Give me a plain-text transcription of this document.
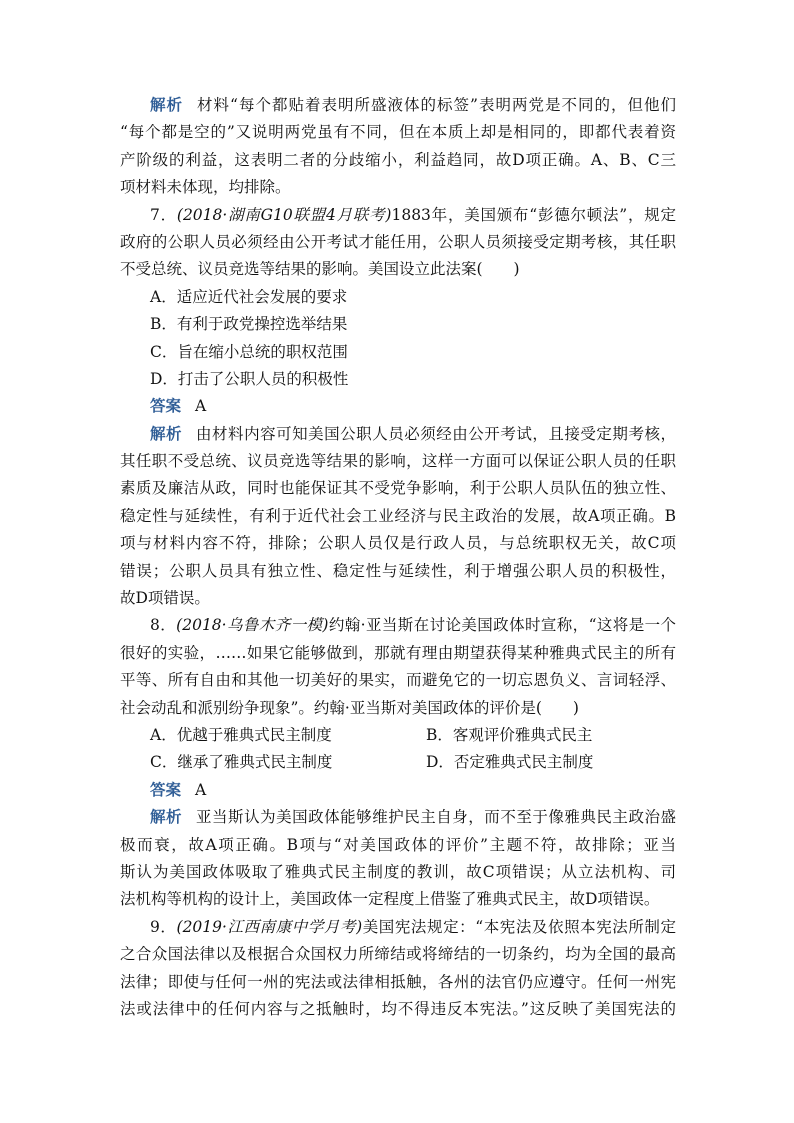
解析 材料“每个都贴着表明所盛液体的标签”表明两党是不同的，但他们
“每个都是空的”又说明两党虽有不同，但在本质上却是相同的，即都代表着资
产阶级的利益，这表明二者的分歧缩小，利益趋同，故D项正确。A、B、C三
项材料未体现，均排除。
7．(2018·湖南G10联盟4月联考)1883年，美国颁布“彭德尔顿法”，规定
政府的公职人员必须经由公开考试才能任用，公职人员须接受定期考核，其任职
不受总统、议员竞选等结果的影响。美国设立此法案(　　)
A．适应近代社会发展的要求
B．有利于政党操控选举结果
C．旨在缩小总统的职权范围
D．打击了公职人员的积极性
答案 A
解析 由材料内容可知美国公职人员必须经由公开考试，且接受定期考核，
其任职不受总统、议员竞选等结果的影响，这样一方面可以保证公职人员的任职
素质及廉洁从政，同时也能保证其不受党争影响，利于公职人员队伍的独立性、
稳定性与延续性，有利于近代社会工业经济与民主政治的发展，故A项正确。B
项与材料内容不符，排除；公职人员仅是行政人员，与总统职权无关，故C项
错误；公职人员具有独立性、稳定性与延续性，利于增强公职人员的积极性，
故D项错误。
8．(2018·乌鲁木齐一模)约翰·亚当斯在讨论美国政体时宣称，“这将是一个
很好的实验，……如果它能够做到，那就有理由期望获得某种雅典式民主的所有
平等、所有自由和其他一切美好的果实，而避免它的一切忘恩负义、言词轻浮、
社会动乱和派别纷争现象”。约翰·亚当斯对美国政体的评价是(　　)
A．优越于雅典式民主制度	B．客观评价雅典式民主
C．继承了雅典式民主制度	D．否定雅典式民主制度
答案 A
解析 亚当斯认为美国政体能够维护民主自身，而不至于像雅典民主政治盛
极而衰，故A项正确。B项与“对美国政体的评价”主题不符，故排除；亚当
斯认为美国政体吸取了雅典式民主制度的教训，故C项错误；从立法机构、司
法机构等机构的设计上，美国政体一定程度上借鉴了雅典式民主，故D项错误。
9．(2019·江西南康中学月考)美国宪法规定：“本宪法及依照本宪法所制定
之合众国法律以及根据合众国权力所缔结或将缔结的一切条约，均为全国的最高
法律；即使与任何一州的宪法或法律相抵触，各州的法官仍应遵守。任何一州宪
法或法律中的任何内容与之抵触时，均不得违反本宪法。”这反映了美国宪法的
